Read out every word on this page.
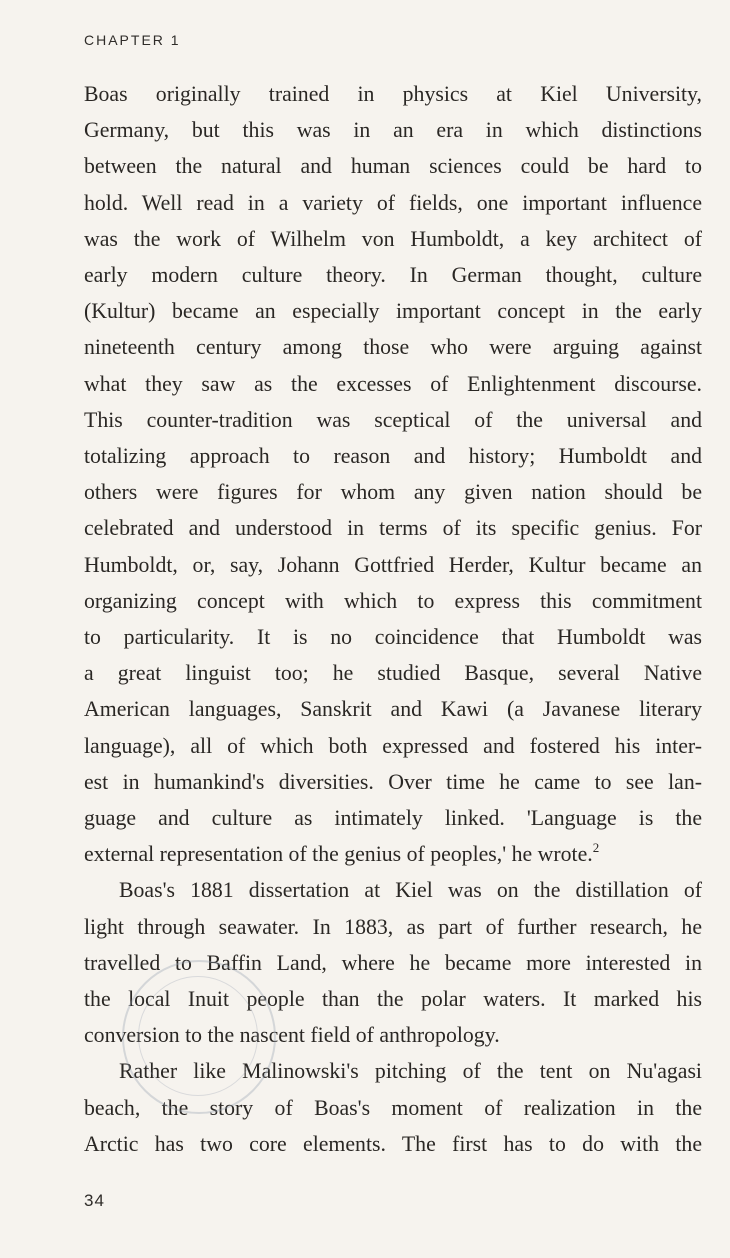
CHAPTER 1
Boas originally trained in physics at Kiel University,
Germany, but this was in an era in which distinctions
between the natural and human sciences could be hard to
hold. Well read in a variety of fields, one important influence
was the work of Wilhelm von Humboldt, a key architect of
early modern culture theory. In German thought, culture
(Kultur) became an especially important concept in the early
nineteenth century among those who were arguing against
what they saw as the excesses of Enlightenment discourse.
This counter-tradition was sceptical of the universal and
totalizing approach to reason and history; Humboldt and
others were figures for whom any given nation should be
celebrated and understood in terms of its specific genius. For
Humboldt, or, say, Johann Gottfried Herder, Kultur became an
organizing concept with which to express this commitment
to particularity. It is no coincidence that Humboldt was
a great linguist too; he studied Basque, several Native
American languages, Sanskrit and Kawi (a Javanese literary
language), all of which both expressed and fostered his inter-
est in humankind's diversities. Over time he came to see lan-
guage and culture as intimately linked. 'Language is the
external representation of the genius of peoples,' he wrote.$^2$
Boas's 1881 dissertation at Kiel was on the distillation of
light through seawater. In 1883, as part of further research, he
travelled to Baffin Land, where he became more interested in
the local Inuit people than the polar waters. It marked his
conversion to the nascent field of anthropology.
Rather like Malinowski's pitching of the tent on Nu'agasi
beach, the story of Boas's moment of realization in the
Arctic has two core elements. The first has to do with the
34
